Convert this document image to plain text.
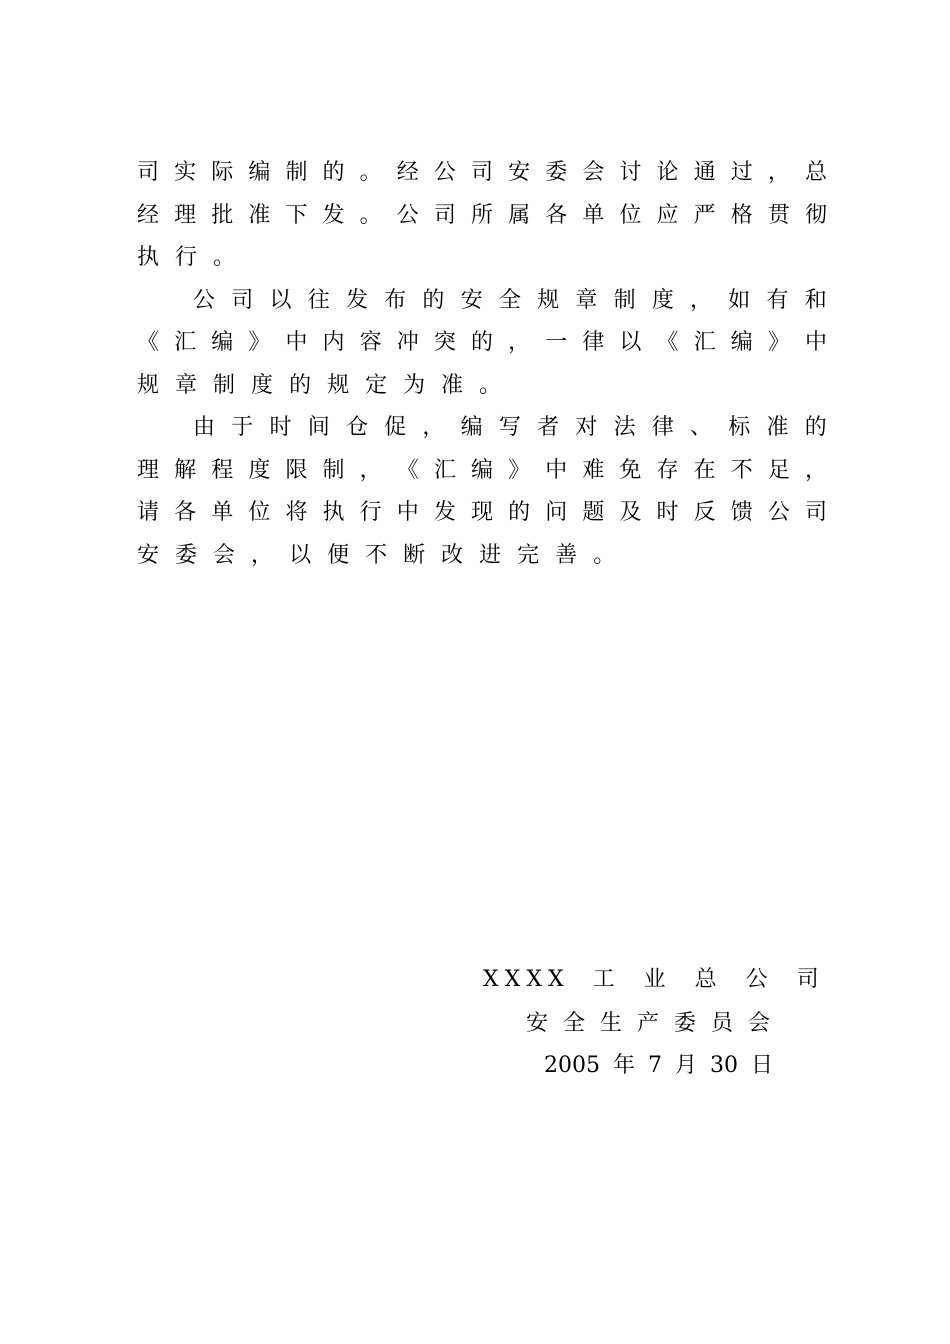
司 实 际 编 制 的 。 经 公 司 安 委 会 讨 论 通 过 ， 总
经 理 批 准 下 发 。 公 司 所 属 各 单 位 应 严 格 贯 彻
执 行 。
公 司 以 往 发 布 的 安 全 规 章 制 度 ， 如 有 和
《 汇 编 》 中 内 容 冲 突 的 ， 一 律 以 《 汇 编 》 中
规 章 制 度 的 规 定 为 准 。
由 于 时 间 仓 促 ， 编 写 者 对 法 律 、 标 准 的
理 解 程 度 限 制 ， 《 汇 编 》 中 难 免 存 在 不 足 ，
请 各 单 位 将 执 行 中 发 现 的 问 题 及 时 反 馈 公 司
安 委 会 ， 以 便 不 断 改 进 完 善 。
XXXX 工 业 总 公 司
安全生产委员会
2005 年 7 月 30 日
